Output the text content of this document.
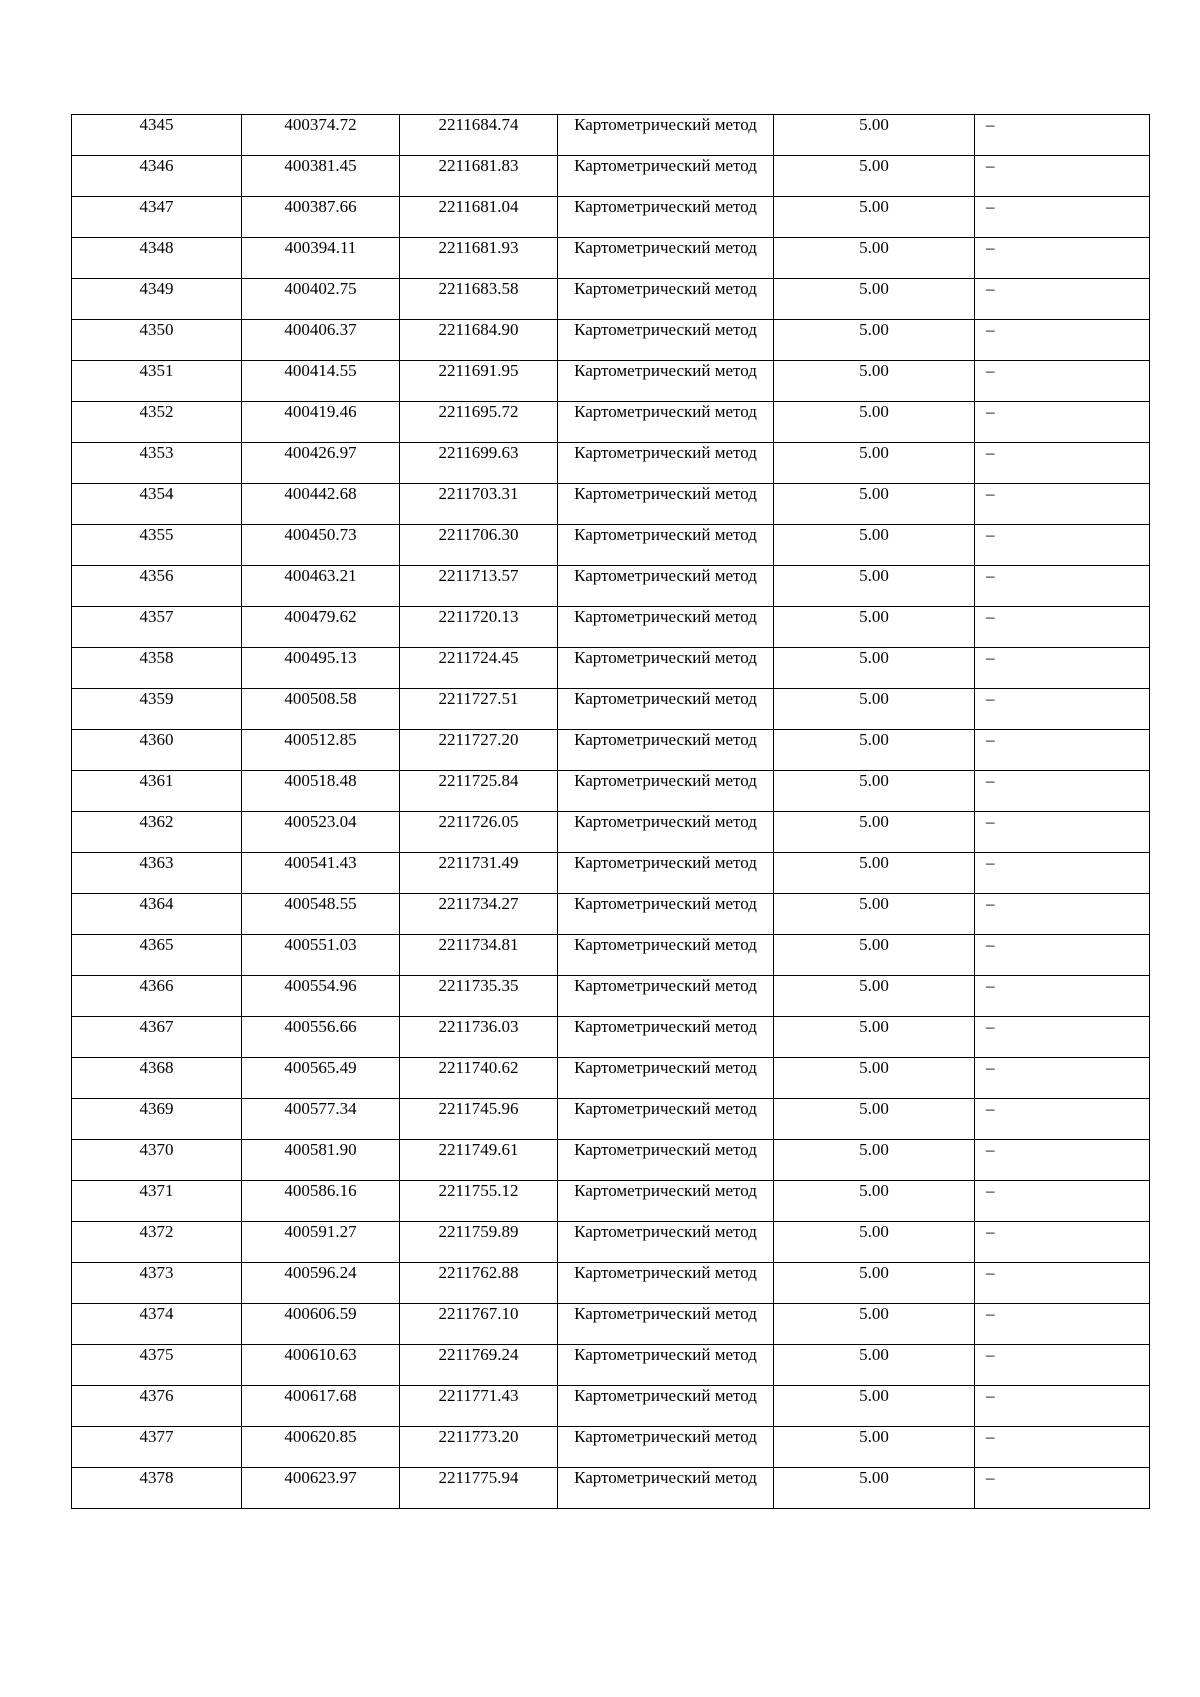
4345	400374.72	2211684.74	Картометрический метод	5.00	–
4346	400381.45	2211681.83	Картометрический метод	5.00	–
4347	400387.66	2211681.04	Картометрический метод	5.00	–
4348	400394.11	2211681.93	Картометрический метод	5.00	–
4349	400402.75	2211683.58	Картометрический метод	5.00	–
4350	400406.37	2211684.90	Картометрический метод	5.00	–
4351	400414.55	2211691.95	Картометрический метод	5.00	–
4352	400419.46	2211695.72	Картометрический метод	5.00	–
4353	400426.97	2211699.63	Картометрический метод	5.00	–
4354	400442.68	2211703.31	Картометрический метод	5.00	–
4355	400450.73	2211706.30	Картометрический метод	5.00	–
4356	400463.21	2211713.57	Картометрический метод	5.00	–
4357	400479.62	2211720.13	Картометрический метод	5.00	–
4358	400495.13	2211724.45	Картометрический метод	5.00	–
4359	400508.58	2211727.51	Картометрический метод	5.00	–
4360	400512.85	2211727.20	Картометрический метод	5.00	–
4361	400518.48	2211725.84	Картометрический метод	5.00	–
4362	400523.04	2211726.05	Картометрический метод	5.00	–
4363	400541.43	2211731.49	Картометрический метод	5.00	–
4364	400548.55	2211734.27	Картометрический метод	5.00	–
4365	400551.03	2211734.81	Картометрический метод	5.00	–
4366	400554.96	2211735.35	Картометрический метод	5.00	–
4367	400556.66	2211736.03	Картометрический метод	5.00	–
4368	400565.49	2211740.62	Картометрический метод	5.00	–
4369	400577.34	2211745.96	Картометрический метод	5.00	–
4370	400581.90	2211749.61	Картометрический метод	5.00	–
4371	400586.16	2211755.12	Картометрический метод	5.00	–
4372	400591.27	2211759.89	Картометрический метод	5.00	–
4373	400596.24	2211762.88	Картометрический метод	5.00	–
4374	400606.59	2211767.10	Картометрический метод	5.00	–
4375	400610.63	2211769.24	Картометрический метод	5.00	–
4376	400617.68	2211771.43	Картометрический метод	5.00	–
4377	400620.85	2211773.20	Картометрический метод	5.00	–
4378	400623.97	2211775.94	Картометрический метод	5.00	–
